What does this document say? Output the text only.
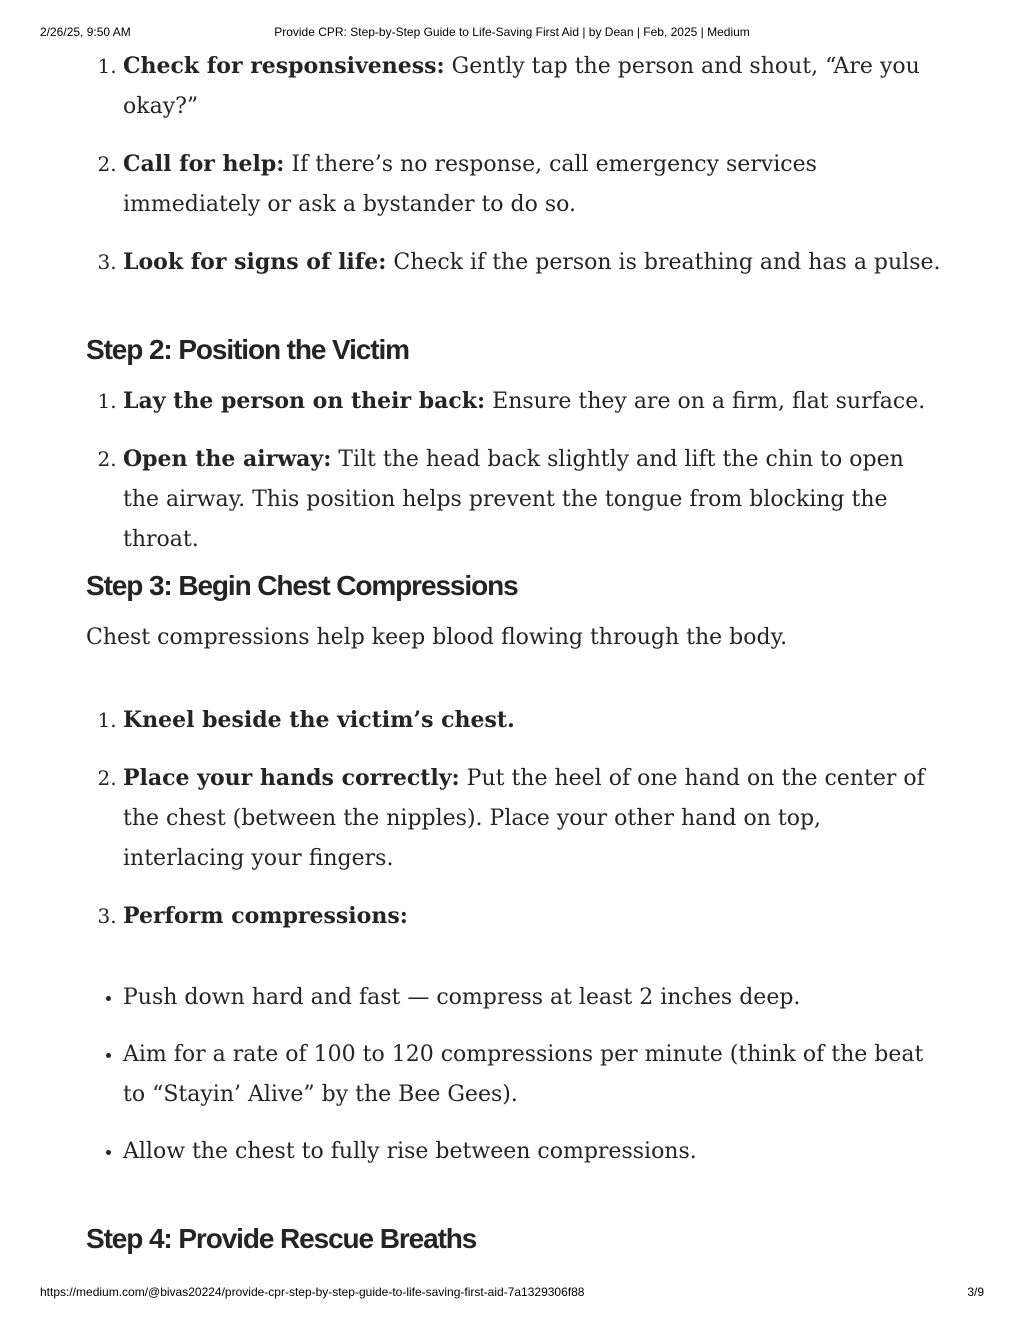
2/26/25, 9:50 AM	Provide CPR: Step-by-Step Guide to Life-Saving First Aid | by Dean | Feb, 2025 | Medium
1. Check for responsiveness: Gently tap the person and shout, “Are you okay?”
2. Call for help: If there’s no response, call emergency services immediately or ask a bystander to do so.
3. Look for signs of life: Check if the person is breathing and has a pulse.
Step 2: Position the Victim
1. Lay the person on their back: Ensure they are on a firm, flat surface.
2. Open the airway: Tilt the head back slightly and lift the chin to open the airway. This position helps prevent the tongue from blocking the throat.
Step 3: Begin Chest Compressions

Chest compressions help keep blood flowing through the body.

1. Kneel beside the victim’s chest.
2. Place your hands correctly: Put the heel of one hand on the center of the chest (between the nipples). Place your other hand on top, interlacing your fingers.
3. Perform compressions:
• Push down hard and fast — compress at least 2 inches deep.
• Aim for a rate of 100 to 120 compressions per minute (think of the beat to “Stayin’ Alive” by the Bee Gees).
• Allow the chest to fully rise between compressions.
Step 4: Provide Rescue Breaths
https://medium.com/@bivas20224/provide-cpr-step-by-step-guide-to-life-saving-first-aid-7a1329306f88	3/9
